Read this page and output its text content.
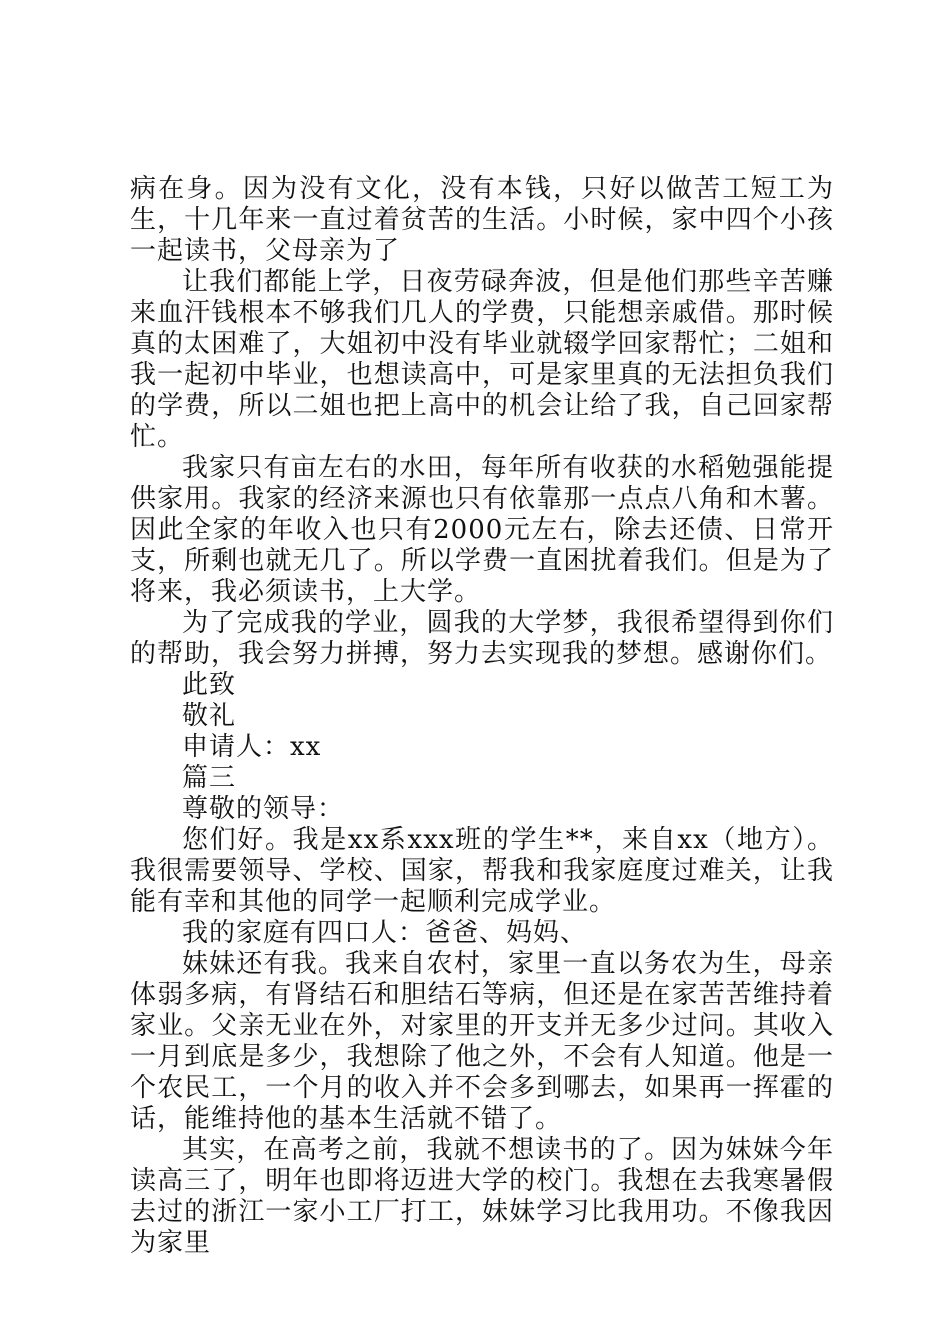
病在身。因为没有文化，没有本钱，只好以做苦工短工为生，十几年来一直过着贫苦的生活。小时候，家中四个小孩一起读书，父母亲为了

让我们都能上学，日夜劳碌奔波，但是他们那些辛苦赚来血汗钱根本不够我们几人的学费，只能想亲戚借。那时候真的太困难了，大姐初中没有毕业就辍学回家帮忙；二姐和我一起初中毕业，也想读高中，可是家里真的无法担负我们的学费，所以二姐也把上高中的机会让给了我，自己回家帮忙。

我家只有亩左右的水田，每年所有收获的水稻勉强能提供家用。我家的经济来源也只有依靠那一点点八角和木薯。因此全家的年收入也只有2000元左右，除去还债、日常开支，所剩也就无几了。所以学费一直困扰着我们。但是为了将来，我必须读书，上大学。

为了完成我的学业，圆我的大学梦，我很希望得到你们的帮助，我会努力拼搏，努力去实现我的梦想。感谢你们。

此致

敬礼

申请人：xx

篇三

尊敬的领导：

您们好。我是xx系xxx班的学生**，来自xx（地方）。我很需要领导、学校、国家，帮我和我家庭度过难关，让我能有幸和其他的同学一起顺利完成学业。

我的家庭有四口人：爸爸、妈妈、

妹妹还有我。我来自农村，家里一直以务农为生，母亲体弱多病，有肾结石和胆结石等病，但还是在家苦苦维持着家业。父亲无业在外，对家里的开支并无多少过问。其收入一月到底是多少，我想除了他之外，不会有人知道。他是一个农民工，一个月的收入并不会多到哪去，如果再一挥霍的话，能维持他的基本生活就不错了。

其实，在高考之前，我就不想读书的了。因为妹妹今年读高三了，明年也即将迈进大学的校门。我想在去我寒暑假去过的浙江一家小工厂打工，妹妹学习比我用功。不像我因为家里
